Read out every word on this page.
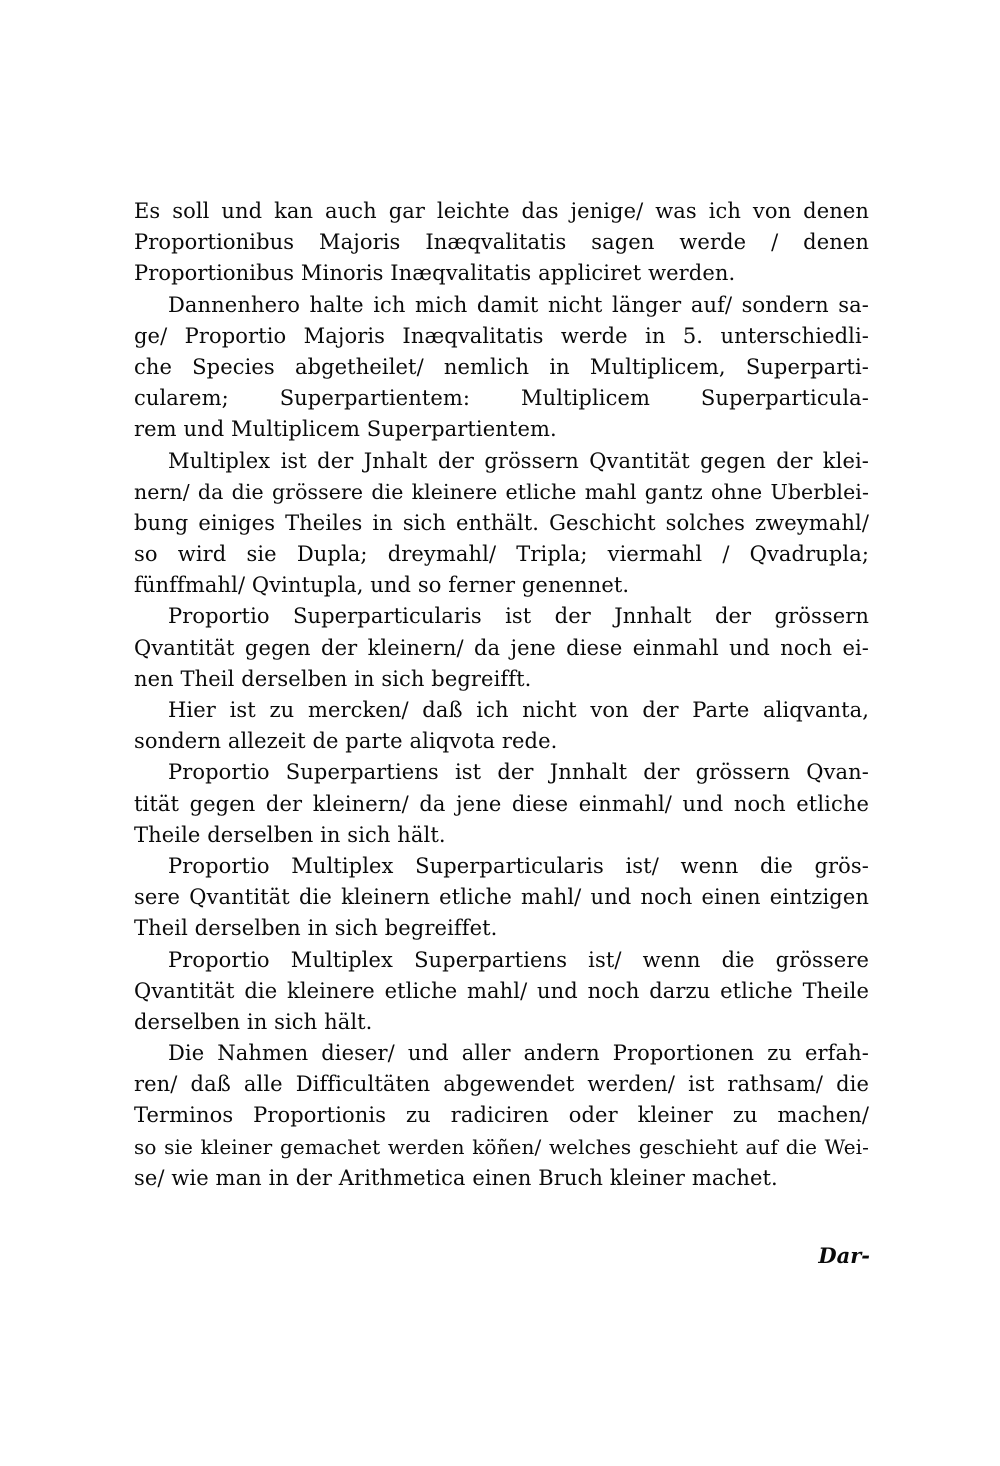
Es soll und kan auch gar leichte das jenige/ was ich von denen
Proportionibus Majoris Inæqvalitatis sagen werde / denen
Proportionibus Minoris Inæqvalitatis appliciret werden.
Dannenhero halte ich mich damit nicht länger auf/ sondern sa-
ge/ Proportio Majoris Inæqvalitatis werde in 5. unterschiedli-
che Species abgetheilet/ nemlich in Multiplicem, Superparti-
cularem; Superpartientem: Multiplicem Superparticula-
rem und Multiplicem Superpartientem.
Multiplex ist der Jnhalt der grössern Qvantität gegen der klei-
nern/ da die grössere die kleinere etliche mahl gantz ohne Uberblei-
bung einiges Theiles in sich enthält. Geschicht solches zweymahl/
so wird sie Dupla; dreymahl/ Tripla; viermahl / Qvadrupla;
fünffmahl/ Qvintupla, und so ferner genennet.
Proportio Superparticularis ist der Jnnhalt der grössern
Qvantität gegen der kleinern/ da jene diese einmahl und noch ei-
nen Theil derselben in sich begreifft.
Hier ist zu mercken/ daß ich nicht von der Parte aliqvanta,
sondern allezeit de parte aliqvota rede.
Proportio Superpartiens ist der Jnnhalt der grössern Qvan-
tität gegen der kleinern/ da jene diese einmahl/ und noch etliche
Theile derselben in sich hält.
Proportio Multiplex Superparticularis ist/ wenn die grös-
sere Qvantität die kleinern etliche mahl/ und noch einen eintzigen
Theil derselben in sich begreiffet.
Proportio Multiplex Superpartiens ist/ wenn die grössere
Qvantität die kleinere etliche mahl/ und noch darzu etliche Theile
derselben in sich hält.
Die Nahmen dieser/ und aller andern Proportionen zu erfah-
ren/ daß alle Difficultäten abgewendet werden/ ist rathsam/ die
Terminos Proportionis zu radiciren oder kleiner zu machen/
so sie kleiner gemachet werden köñen/ welches geschieht auf die Wei-
se/ wie man in der Arithmetica einen Bruch kleiner machet.
Dar-
